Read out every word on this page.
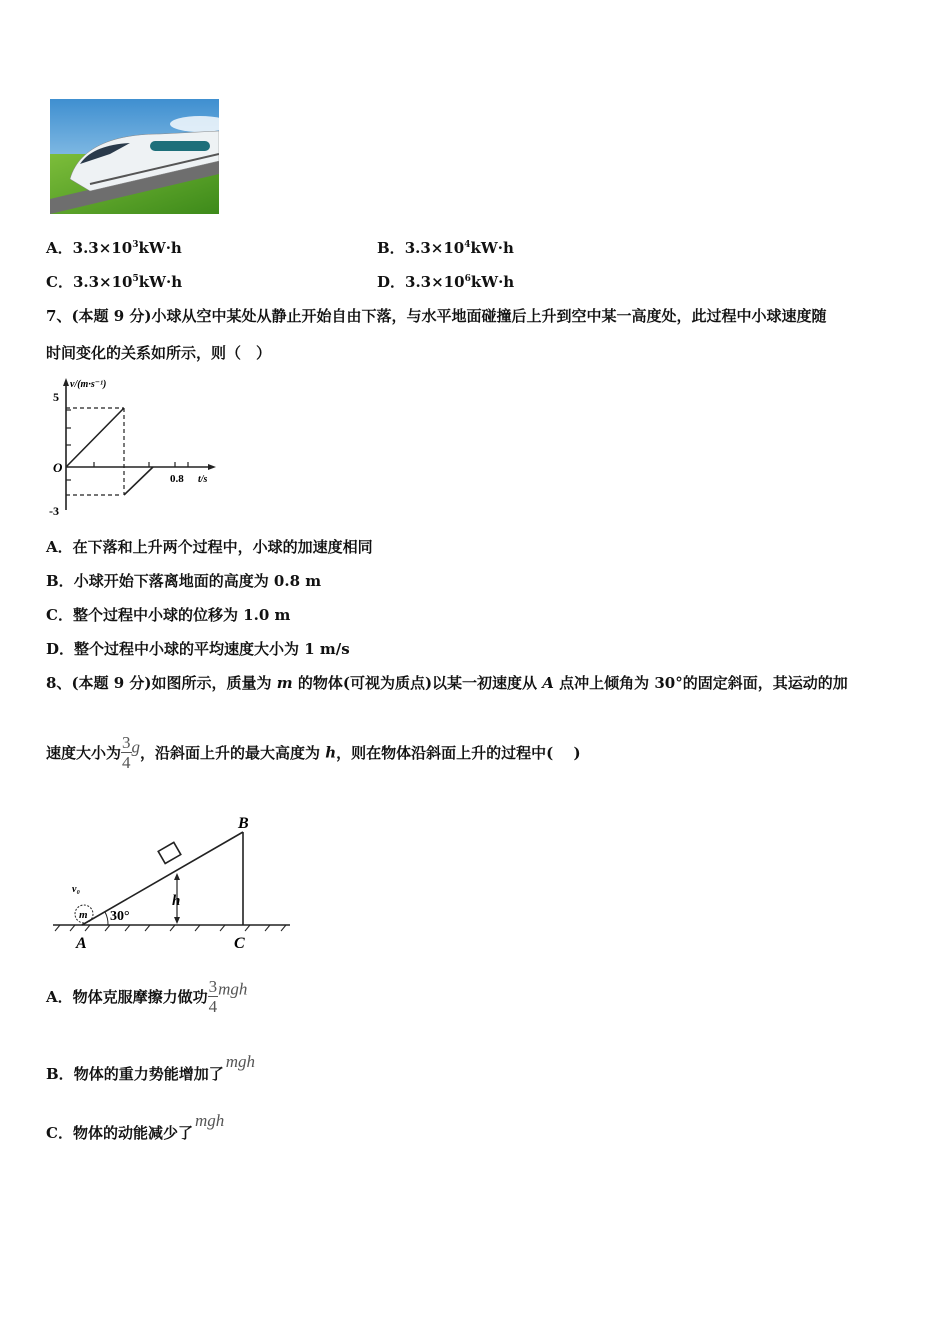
A．$3.3\times 10^3kW\cdot h$	B．$3.3\times 10^4kW\cdot h$
C．$3.3\times 10^5kW\cdot h$	D．$3.3\times 10^6kW\cdot h$
7、(本题 9 分)小球从空中某处从静止开始自由下落，与水平地面碰撞后上升到空中某一高度处，此过程中小球速度随
时间变化的关系如所示，则（　）
v/(m·s⁻¹)
5
-3
O
0.8 t/s
A．在下落和上升两个过程中，小球的加速度相同
B．小球开始下落离地面的高度为 0.8 m
C．整个过程中小球的位移为 1.0 m
D．整个过程中小球的平均速度大小为 1 m/s
8、(本题 9 分)如图所示，质量为 m 的物体(可视为质点)以某一初速度从 A 点冲上倾角为 30°的固定斜面，其运动的加
速度大小为 $\frac{3}{4}$ g，沿斜面上升的最大高度为 h，则在物体沿斜面上升的过程中(　 )
B
A	C
h
m
v₀
30°
A．物体克服摩擦力做功 $\frac{3}{4}$ mgh
B．物体的重力势能增加了mgh
C．物体的动能减少了mgh
